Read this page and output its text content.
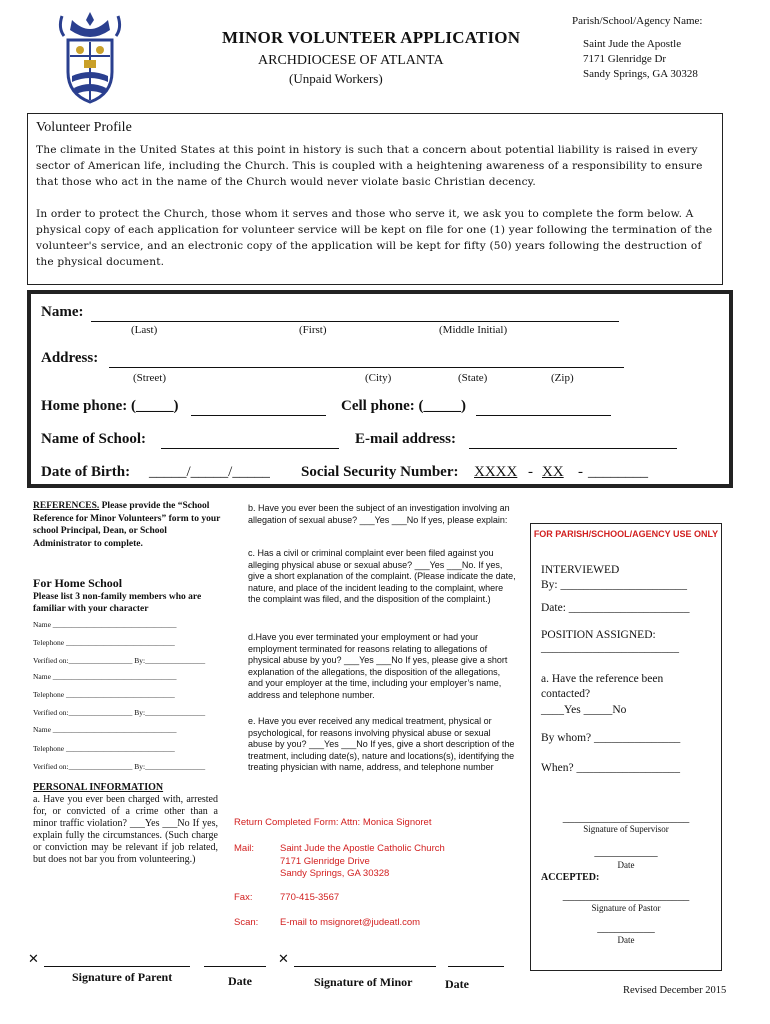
MINOR VOLUNTEER APPLICATION
ARCHDIOCESE OF ATLANTA
(Unpaid Workers)
Parish/School/Agency Name:
Saint Jude the Apostle
7171 Glenridge Dr
Sandy Springs, GA 30328
Volunteer Profile

The climate in the United States at this point in history is such that a concern about potential liability is raised in every sector of American life, including the Church. This is coupled with a heightening awareness of a responsibility to ensure that those who act in the name of the Church would never violate basic Christian decency.

In order to protect the Church, those whom it serves and those who serve it, we ask you to complete the form below. A physical copy of each application for volunteer service will be kept on file for one (1) year following the termination of the volunteer's service, and an electronic copy of the application will be kept for fifty (50) years following the destruction of the physical document.

Name:
(Last)	(First)	(Middle Initial)
Address:
(Street)	(City)	(State)	(Zip)
Home phone: (_____)	Cell phone: (_____)
Name of School:	E-mail address:
Date of Birth: _____/_____/_____ Social Security Number: XXXX - XX - ________
REFERENCES. Please provide the “School Reference for Minor Volunteers” form to your school Principal, Dean, or School Administrator to complete.
For Home School
Please list 3 non-family members who are familiar with your character
Name _________________________________
Telephone _____________________________
Verified on:_________________ By:________________
Name _________________________________
Telephone _____________________________
Verified on:_________________ By:________________
Name _________________________________
Telephone _____________________________
Verified on:_________________ By:________________
PERSONAL INFORMATION
a. Have you ever been charged with, arrested for, or convicted of a crime other than a minor traffic violation? ___Yes ___No If yes, explain fully the circumstances. (Such charge or conviction may be relevant if job related, but does not bar you from volunteering.)
b. Have you ever been the subject of an investigation involving an allegation of sexual abuse? ___Yes ___No If yes, please explain:
c. Has a civil or criminal complaint ever been filed against you alleging physical abuse or sexual abuse? ___Yes ___No. If yes, give a short explanation of the complaint. (Please indicate the date, nature, and place of the incident leading to the complaint, where the complaint was filed, and the disposition of the complaint.)
d.Have you ever terminated your employment or had your employment terminated for reasons relating to allegations of physical abuse by you? ___Yes ___No If yes, please give a short explanation of the allegations, the disposition of the allegations, and your employer at the time, including your employer’s name, address and telephone number.
e. Have you ever received any medical treatment, physical or psychological, for reasons involving physical abuse or sexual abuse by you? ___Yes ___No If yes, give a short description of the treatment, including date(s), nature and locations(s), identifying the treating physician with name, address, and telephone number
Return Completed Form: Attn: Monica Signoret
Mail:	Saint Jude the Apostle Catholic Church
7171 Glenridge Drive
Sandy Springs, GA 30328
Fax:	770-415-3567
Scan: E-mail to msignoret@judeatl.com
FOR PARISH/SCHOOL/AGENCY USE ONLY
INTERVIEWED
By: ______________________
Date: _____________________
POSITION ASSIGNED:
________________________
a. Have the reference been contacted?
____Yes _____No
By whom? _______________
When? __________________
______________________
Signature of Supervisor
___________
Date
ACCEPTED:
______________________
Signature of Pastor
__________
Date
✕
Signature of Parent	Date
✕
Signature of Minor	Date	Revised December 2015
